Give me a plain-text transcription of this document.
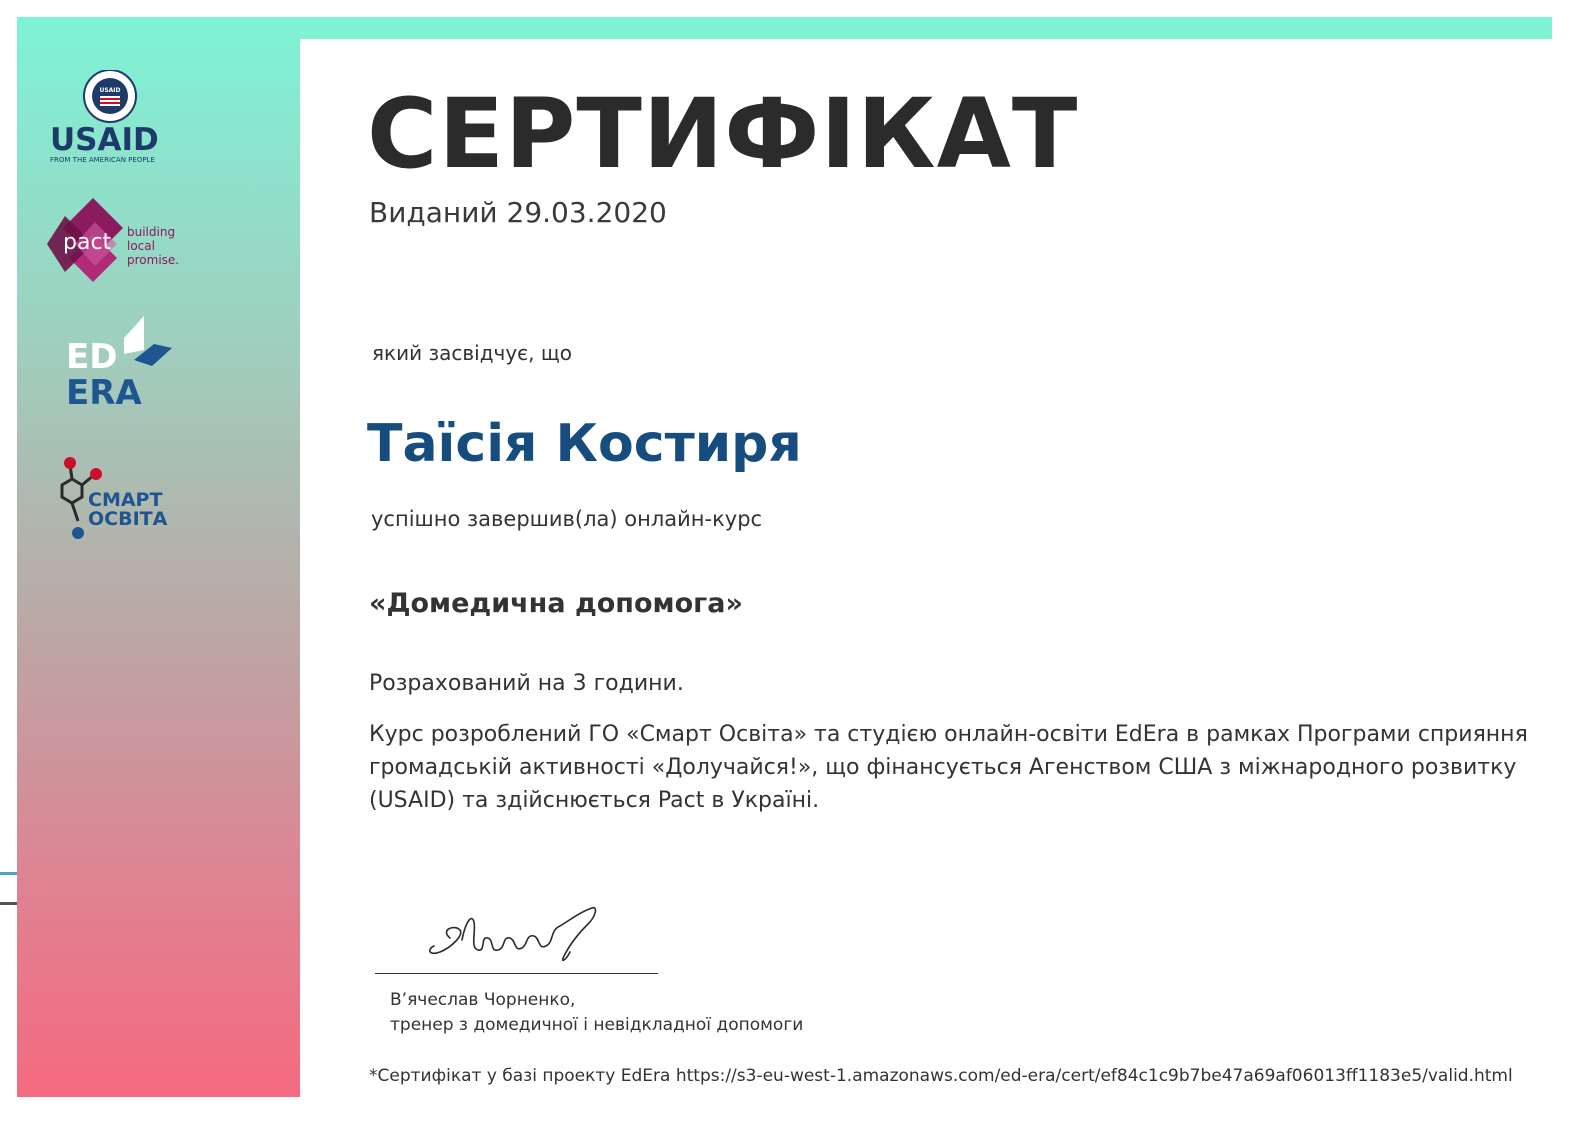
USAID
USAID
FROM THE AMERICAN PEOPLE
pact building
local
promise.
ED
ERA
СМАРТ
ОСВІТА
СЕРТИФІКАТ
Виданий 29.03.2020
який засвідчує, що
Таїсія Костиря
успішно завершив(ла) онлайн-курс
«Домедична допомога»
Розрахований на 3 години.
Курс розроблений ГО «Смарт Освіта» та студією онлайн-освіти EdEra в рамках Програми сприяння громадській активності «Долучайся!», що фінансується Агенством США з міжнародного розвитку (USAID) та здійснюється Pact в Україні.
В’ячеслав Чорненко,
тренер з домедичної і невідкладної допомоги
*Сертифікат у базі проекту EdEra https://s3-eu-west-1.amazonaws.com/ed-era/cert/ef84c1c9b7be47a69af06013ff1183e5/valid.html
